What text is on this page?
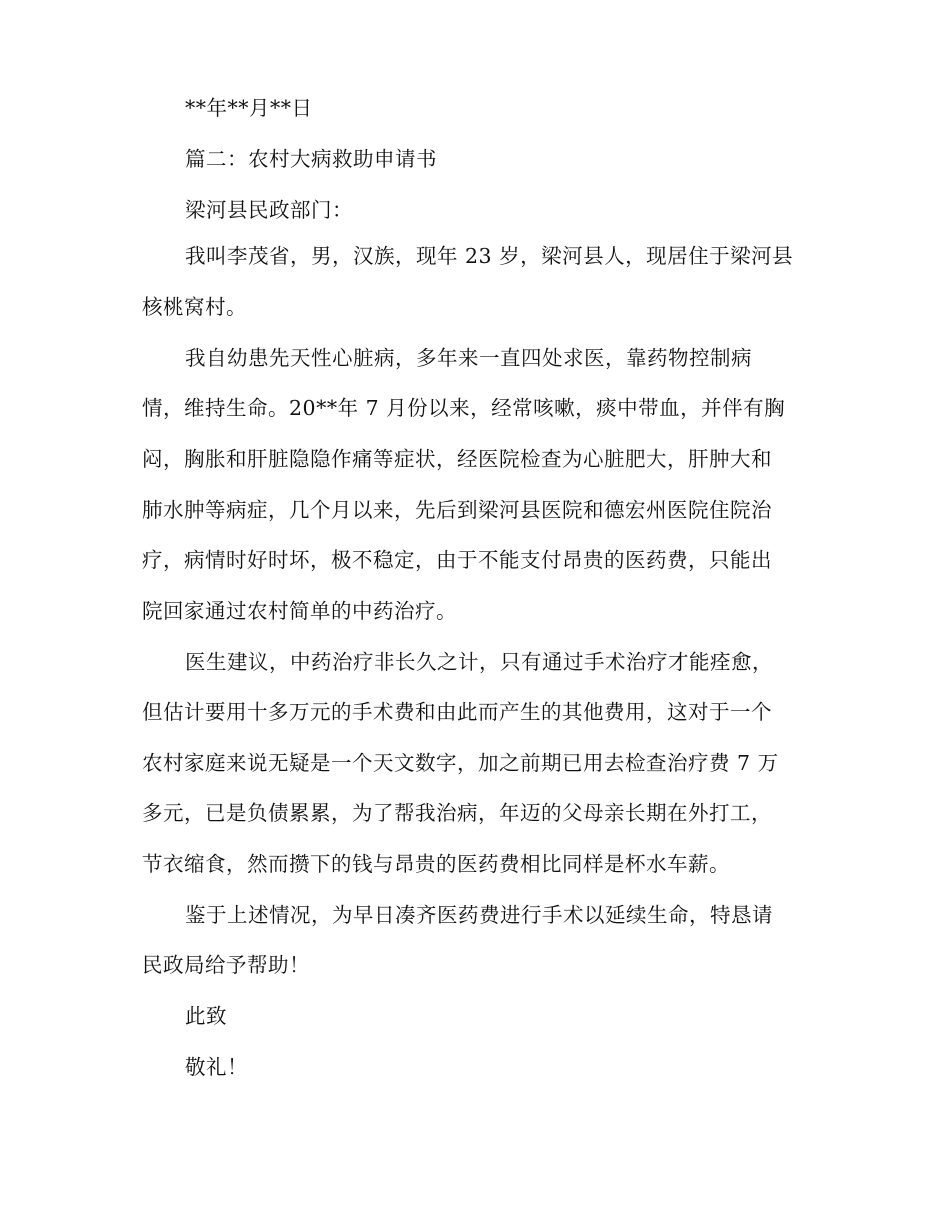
**年**月**日
篇二：农村大病救助申请书
梁河县民政部门：
我叫李茂省，男，汉族，现年 23 岁，梁河县人，现居住于梁河县
核桃窝村。
我自幼患先天性心脏病，多年来一直四处求医，靠药物控制病
情，维持生命。20**年 7 月份以来，经常咳嗽，痰中带血，并伴有胸
闷，胸胀和肝脏隐隐作痛等症状，经医院检查为心脏肥大，肝肿大和
肺水肿等病症，几个月以来，先后到梁河县医院和德宏州医院住院治
疗，病情时好时坏，极不稳定，由于不能支付昂贵的医药费，只能出
院回家通过农村简单的中药治疗。
医生建议，中药治疗非长久之计，只有通过手术治疗才能痊愈，
但估计要用十多万元的手术费和由此而产生的其他费用，这对于一个
农村家庭来说无疑是一个天文数字，加之前期已用去检查治疗费 7 万
多元，已是负债累累，为了帮我治病，年迈的父母亲长期在外打工，
节衣缩食，然而攒下的钱与昂贵的医药费相比同样是杯水车薪。
鉴于上述情况，为早日凑齐医药费进行手术以延续生命，特恳请
民政局给予帮助！
此致
敬礼！
